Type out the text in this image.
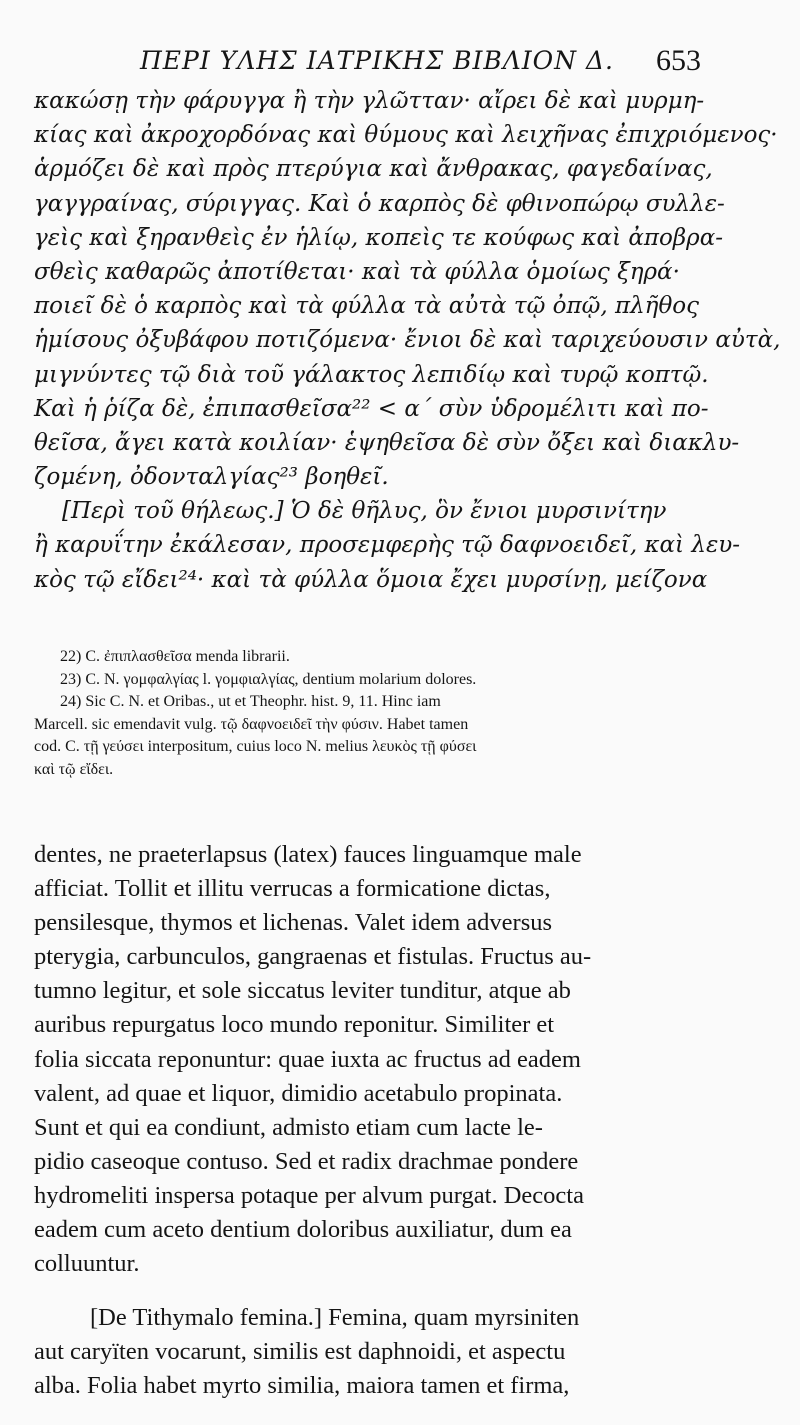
ΠΕΡΙ ΥΛΗΣ ΙΑΤΡΙΚΗΣ ΒΙΒΛΙΟΝ Δ. 653
κακώσῃ τὴν φάρυγγα ἢ τὴν γλῶτταν· αἴρει δὲ καὶ μυρμη-
κίας καὶ ἀκροχορδόνας καὶ θύμους καὶ λειχῆνας ἐπιχριόμενος·
ἁρμόζει δὲ καὶ πρὸς πτερύγια καὶ ἄνθρακας, φαγεδαίνας,
γαγγραίνας, σύριγγας. Καὶ ὁ καρπὸς δὲ φθινοπώρῳ συλλε-
γεὶς καὶ ξηρανθεὶς ἐν ἡλίῳ, κοπεὶς τε κούφως καὶ ἀποβρα-
σθεὶς καθαρῶς ἀποτίθεται· καὶ τὰ φύλλα ὁμοίως ξηρά·
ποιεῖ δὲ ὁ καρπὸς καὶ τὰ φύλλα τὰ αὐτὰ τῷ ὀπῷ, πλῆθος
ἡμίσους ὀξυβάφου ποτιζόμενα· ἔνιοι δὲ καὶ ταριχεύουσιν αὐτὰ,
μιγνύντες τῷ διὰ τοῦ γάλακτος λεπιδίῳ καὶ τυρῷ κοπτῷ.
Καὶ ἡ ῥίζα δὲ, ἐπιπασθεῖσα²² < α΄ σὺν ὑδρομέλιτι καὶ πο-
θεῖσα, ἄγει κατὰ κοιλίαν· ἑψηθεῖσα δὲ σὺν ὄξει καὶ διακλυ-
ζομένη, ὀδονταλγίας²³ βοηθεῖ.
[Περὶ τοῦ θήλεως.] Ὁ δὲ θῆλυς, ὃν ἔνιοι μυρσινίτην
ἢ καρυΐτην ἐκάλεσαν, προσεμφερὴς τῷ δαφνοειδεῖ, καὶ λευ-
κὸς τῷ εἴδει²⁴· καὶ τὰ φύλλα ὅμοια ἔχει μυρσίνῃ, μείζονα
22) C. ἐπιπλασθεῖσα menda librarii.
23) C. N. γομφαλγίας l. γομφιαλγίας, dentium molarium dolores.
24) Sic C. N. et Oribas., ut et Theophr. hist. 9, 11. Hinc iam
Marcell. sic emendavit vulg. τῷ δαφνοειδεῖ τὴν φύσιν. Habet tamen
cod. C. τῇ γεύσει interpositum, cuius loco N. melius λευκὸς τῇ φύσει
καὶ τῷ εἴδει.
dentes, ne praeterlapsus (latex) fauces linguamque male
afficiat. Tollit et illitu verrucas a formicatione dictas,
pensilesque, thymos et lichenas. Valet idem adversus
pterygia, carbunculos, gangraenas et fistulas. Fructus au-
tumno legitur, et sole siccatus leviter tunditur, atque ab
auribus repurgatus loco mundo reponitur. Similiter et
folia siccata reponuntur: quae iuxta ac fructus ad eadem
valent, ad quae et liquor, dimidio acetabulo propinata.
Sunt et qui ea condiunt, admisto etiam cum lacte le-
pidio caseoque contuso. Sed et radix drachmae pondere
hydromeliti inspersa potaque per alvum purgat. Decocta
eadem cum aceto dentium doloribus auxiliatur, dum ea
colluuntur.
[De Tithymalo femina.] Femina, quam myrsiniten
aut caryïten vocarunt, similis est daphnoidi, et aspectu
alba. Folia habet myrto similia, maiora tamen et firma,
